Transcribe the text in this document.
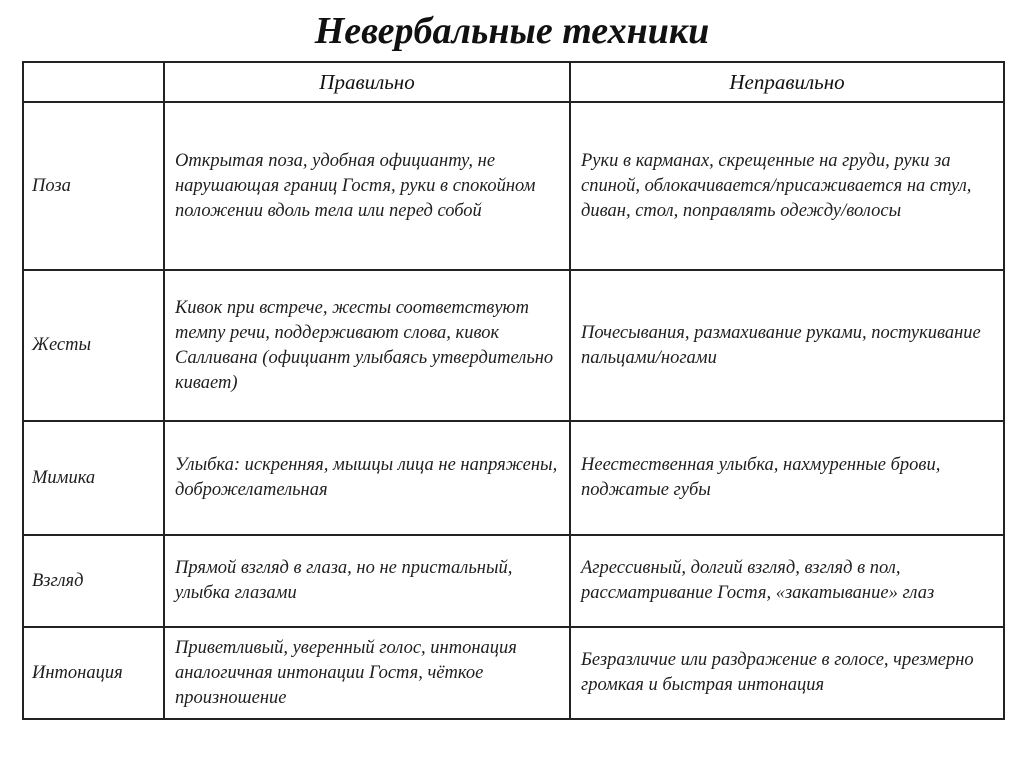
Невербальные техники
	Правильно	Неправильно
Поза	Открытая поза, удобная официанту, не нарушающая границ Гостя, руки в спокойном положении вдоль тела или перед собой	Руки в карманах, скрещенные на груди, руки за спиной, облокачивается/присаживается на стул, диван, стол, поправлять одежду/волосы
Жесты	Кивок при встрече, жесты соответствуют темпу речи, поддерживают слова, кивок Салливана (официант улыбаясь утвердительно кивает)	Почесывания, размахивание руками, постукивание пальцами/ногами
Мимика	Улыбка: искренняя, мышцы лица не напряжены, доброжелательная	Неестественная улыбка, нахмуренные брови, поджатые губы
Взгляд	Прямой взгляд в глаза, но не пристальный, улыбка глазами	Агрессивный, долгий взгляд, взгляд в пол, рассматривание Гостя, «закатывание» глаз
Интонация	Приветливый, уверенный голос, интонация аналогичная интонации Гостя, чёткое произношение	Безразличие или раздражение в голосе, чрезмерно громкая и быстрая интонация
